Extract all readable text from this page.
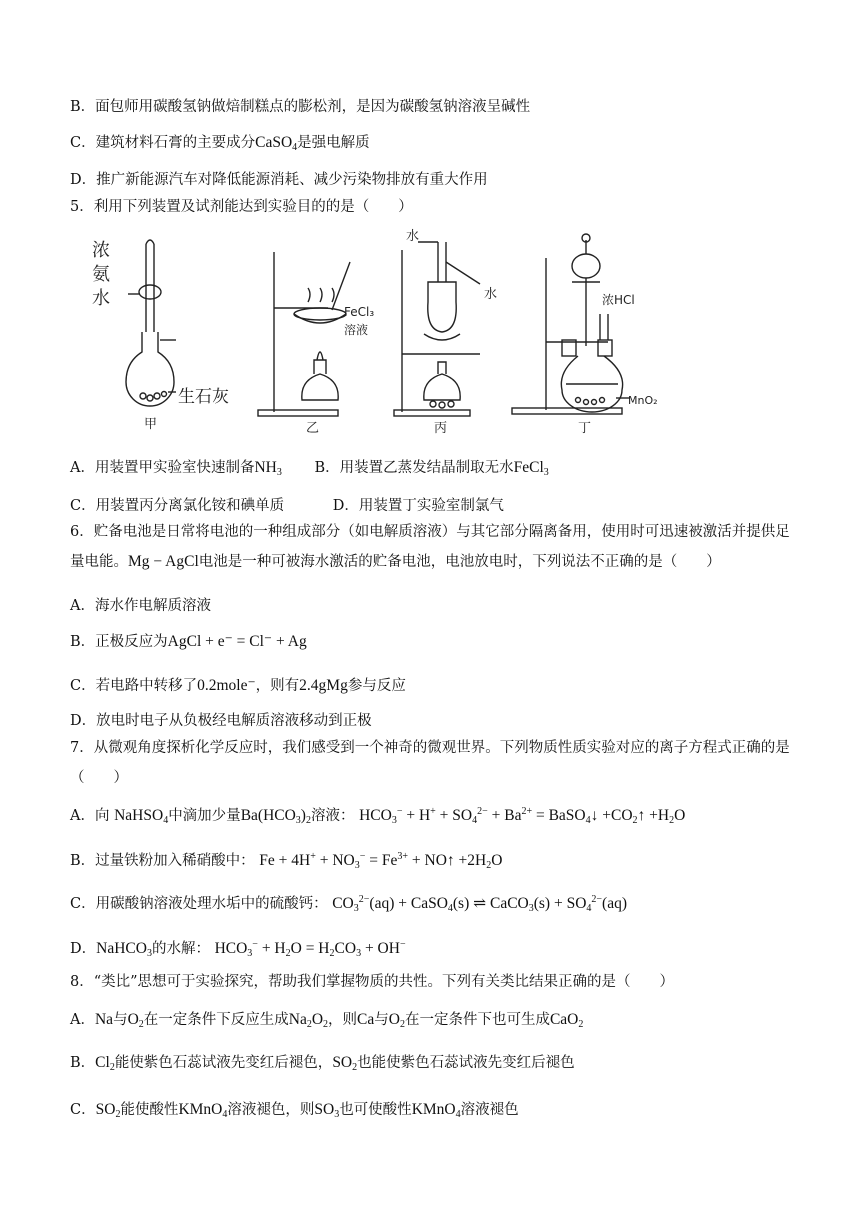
B．面包师用碳酸氢钠做焙制糕点的膨松剂，是因为碳酸氢钠溶液呈碱性
C．建筑材料石膏的主要成分CaSO$_4$是强电解质
D．推广新能源汽车对降低能源消耗、减少污染物排放有重大作用
5．利用下列装置及试剂能达到实验目的的是（　　）
浓
氨
水
生石灰
甲
FeCl₃
溶液
乙
水
水
丙
浓HCl
MnO₂
丁
A．用装置甲实验室快速制备$NH_3$ B．用装置乙蒸发结晶制取无水FeCl$_3$
C．用装置丙分离氯化铵和碘单质	D．用装置丁实验室制氯气
6．贮备电池是日常将电池的一种组成部分（如电解质溶液）与其它部分隔离备用，使用时可迅速被激活并提供足量电能。Mg − AgCl电池是一种可被海水激活的贮备电池，电池放电时，下列说法不正确的是（　　）
A．海水作电解质溶液
B．正极反应为AgCl + e⁻ = Cl⁻ + Ag
C．若电路中转移了0.2mole⁻，则有2.4gMg参与反应
D．放电时电子从负极经电解质溶液移动到正极
7．从微观角度探析化学反应时，我们感受到一个神奇的微观世界。下列物质性质实验对应的离子方程式正确的是（　　）
A．向 NaHSO$_4$中滴加少量$Ba(HCO_3)_2$溶液： $HCO_3^- + H^+ + SO_4^{2-} + Ba^{2+}$ = BaSO$_4$↓ $+CO_2↑ +H_2O$
B．过量铁粉加入稀硝酸中： $Fe + 4H^+ + NO_3^- = Fe^{3+}$ + NO↑ $+2H_2O$
C．用碳酸钠溶液处理水垢中的硫酸钙： $CO_3^{2-}(aq)$ + CaSO$_4$(s) ⇌ CaCO$_3$(s) + $SO_4^{2-}(aq)$
D．NaHCO$_3$的水解： $HCO_3^- + H_2O = H_2CO_3 + OH^-$
8．“类比”思想可于实验探究，帮助我们掌握物质的共性。下列有关类比结果正确的是（　　）
A．Na与$O_2$在一定条件下反应生成$Na_2O_2$，则Ca与$O_2$在一定条件下也可生成CaO$_2$
B．$Cl_2$能使紫色石蕊试液先变红后褪色，$SO_2$也能使紫色石蕊试液先变红后褪色
C．$SO_2$能使酸性KMnO$_4$溶液褪色，则$SO_3$也可使酸性KMnO$_4$溶液褪色
